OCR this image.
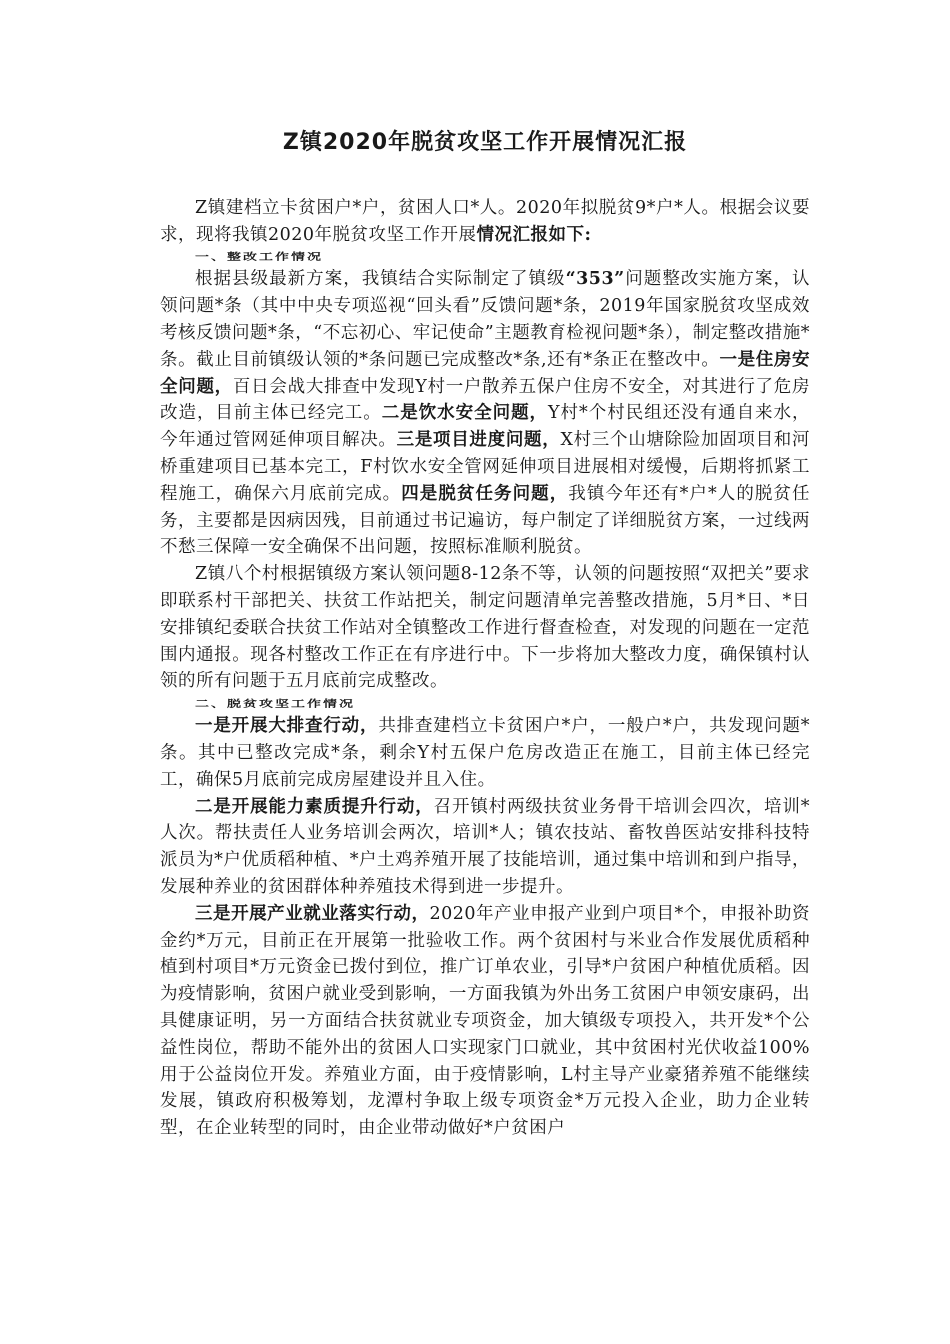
Z镇2020年脱贫攻坚工作开展情况汇报

Z镇建档立卡贫困户*户，贫困人口*人。2020年拟脱贫9*户*人。根据会议要求，现将我镇2020年脱贫攻坚工作开展情况汇报如下:

一、整改工作情况

根据县级最新方案，我镇结合实际制定了镇级“353”问题整改实施方案，认领问题*条（其中中央专项巡视“回头看”反馈问题*条，2019年国家脱贫攻坚成效考核反馈问题*条，“不忘初心、牢记使命”主题教育检视问题*条），制定整改措施*条。截止目前镇级认领的*条问题已完成整改*条,还有*条正在整改中。一是住房安全问题，百日会战大排查中发现Y村一户散养五保户住房不安全，对其进行了危房改造，目前主体已经完工。二是饮水安全问题，Y村*个村民组还没有通自来水，今年通过管网延伸项目解决。三是项目进度问题，X村三个山塘除险加固项目和河桥重建项目已基本完工，F村饮水安全管网延伸项目进展相对缓慢，后期将抓紧工程施工，确保六月底前完成。四是脱贫任务问题，我镇今年还有*户*人的脱贫任务，主要都是因病因残，目前通过书记遍访，每户制定了详细脱贫方案，一过线两不愁三保障一安全确保不出问题，按照标准顺利脱贫。

Z镇八个村根据镇级方案认领问题8-12条不等，认领的问题按照“双把关”要求即联系村干部把关、扶贫工作站把关，制定问题清单完善整改措施，5月*日、*日安排镇纪委联合扶贫工作站对全镇整改工作进行督查检查，对发现的问题在一定范围内通报。现各村整改工作正在有序进行中。下一步将加大整改力度，确保镇村认领的所有问题于五月底前完成整改。

二、脱贫攻坚工作情况

一是开展大排查行动，共排查建档立卡贫困户*户，一般户*户，共发现问题*条。其中已整改完成*条，剩余Y村五保户危房改造正在施工，目前主体已经完工，确保5月底前完成房屋建设并且入住。

二是开展能力素质提升行动，召开镇村两级扶贫业务骨干培训会四次，培训*人次。帮扶责任人业务培训会两次，培训*人；镇农技站、畜牧兽医站安排科技特派员为*户优质稻种植、*户土鸡养殖开展了技能培训，通过集中培训和到户指导，发展种养业的贫困群体种养殖技术得到进一步提升。

三是开展产业就业落实行动，2020年产业申报产业到户项目*个，申报补助资金约*万元，目前正在开展第一批验收工作。两个贫困村与米业合作发展优质稻种植到村项目*万元资金已拨付到位，推广订单农业，引导*户贫困户种植优质稻。因为疫情影响，贫困户就业受到影响，一方面我镇为外出务工贫困户申领安康码，出具健康证明，另一方面结合扶贫就业专项资金，加大镇级专项投入，共开发*个公益性岗位，帮助不能外出的贫困人口实现家门口就业，其中贫困村光伏收益100%用于公益岗位开发。养殖业方面，由于疫情影响，L村主导产业豪猪养殖不能继续发展，镇政府积极筹划，龙潭村争取上级专项资金*万元投入企业，助力企业转型，在企业转型的同时，由企业带动做好*户贫困户
